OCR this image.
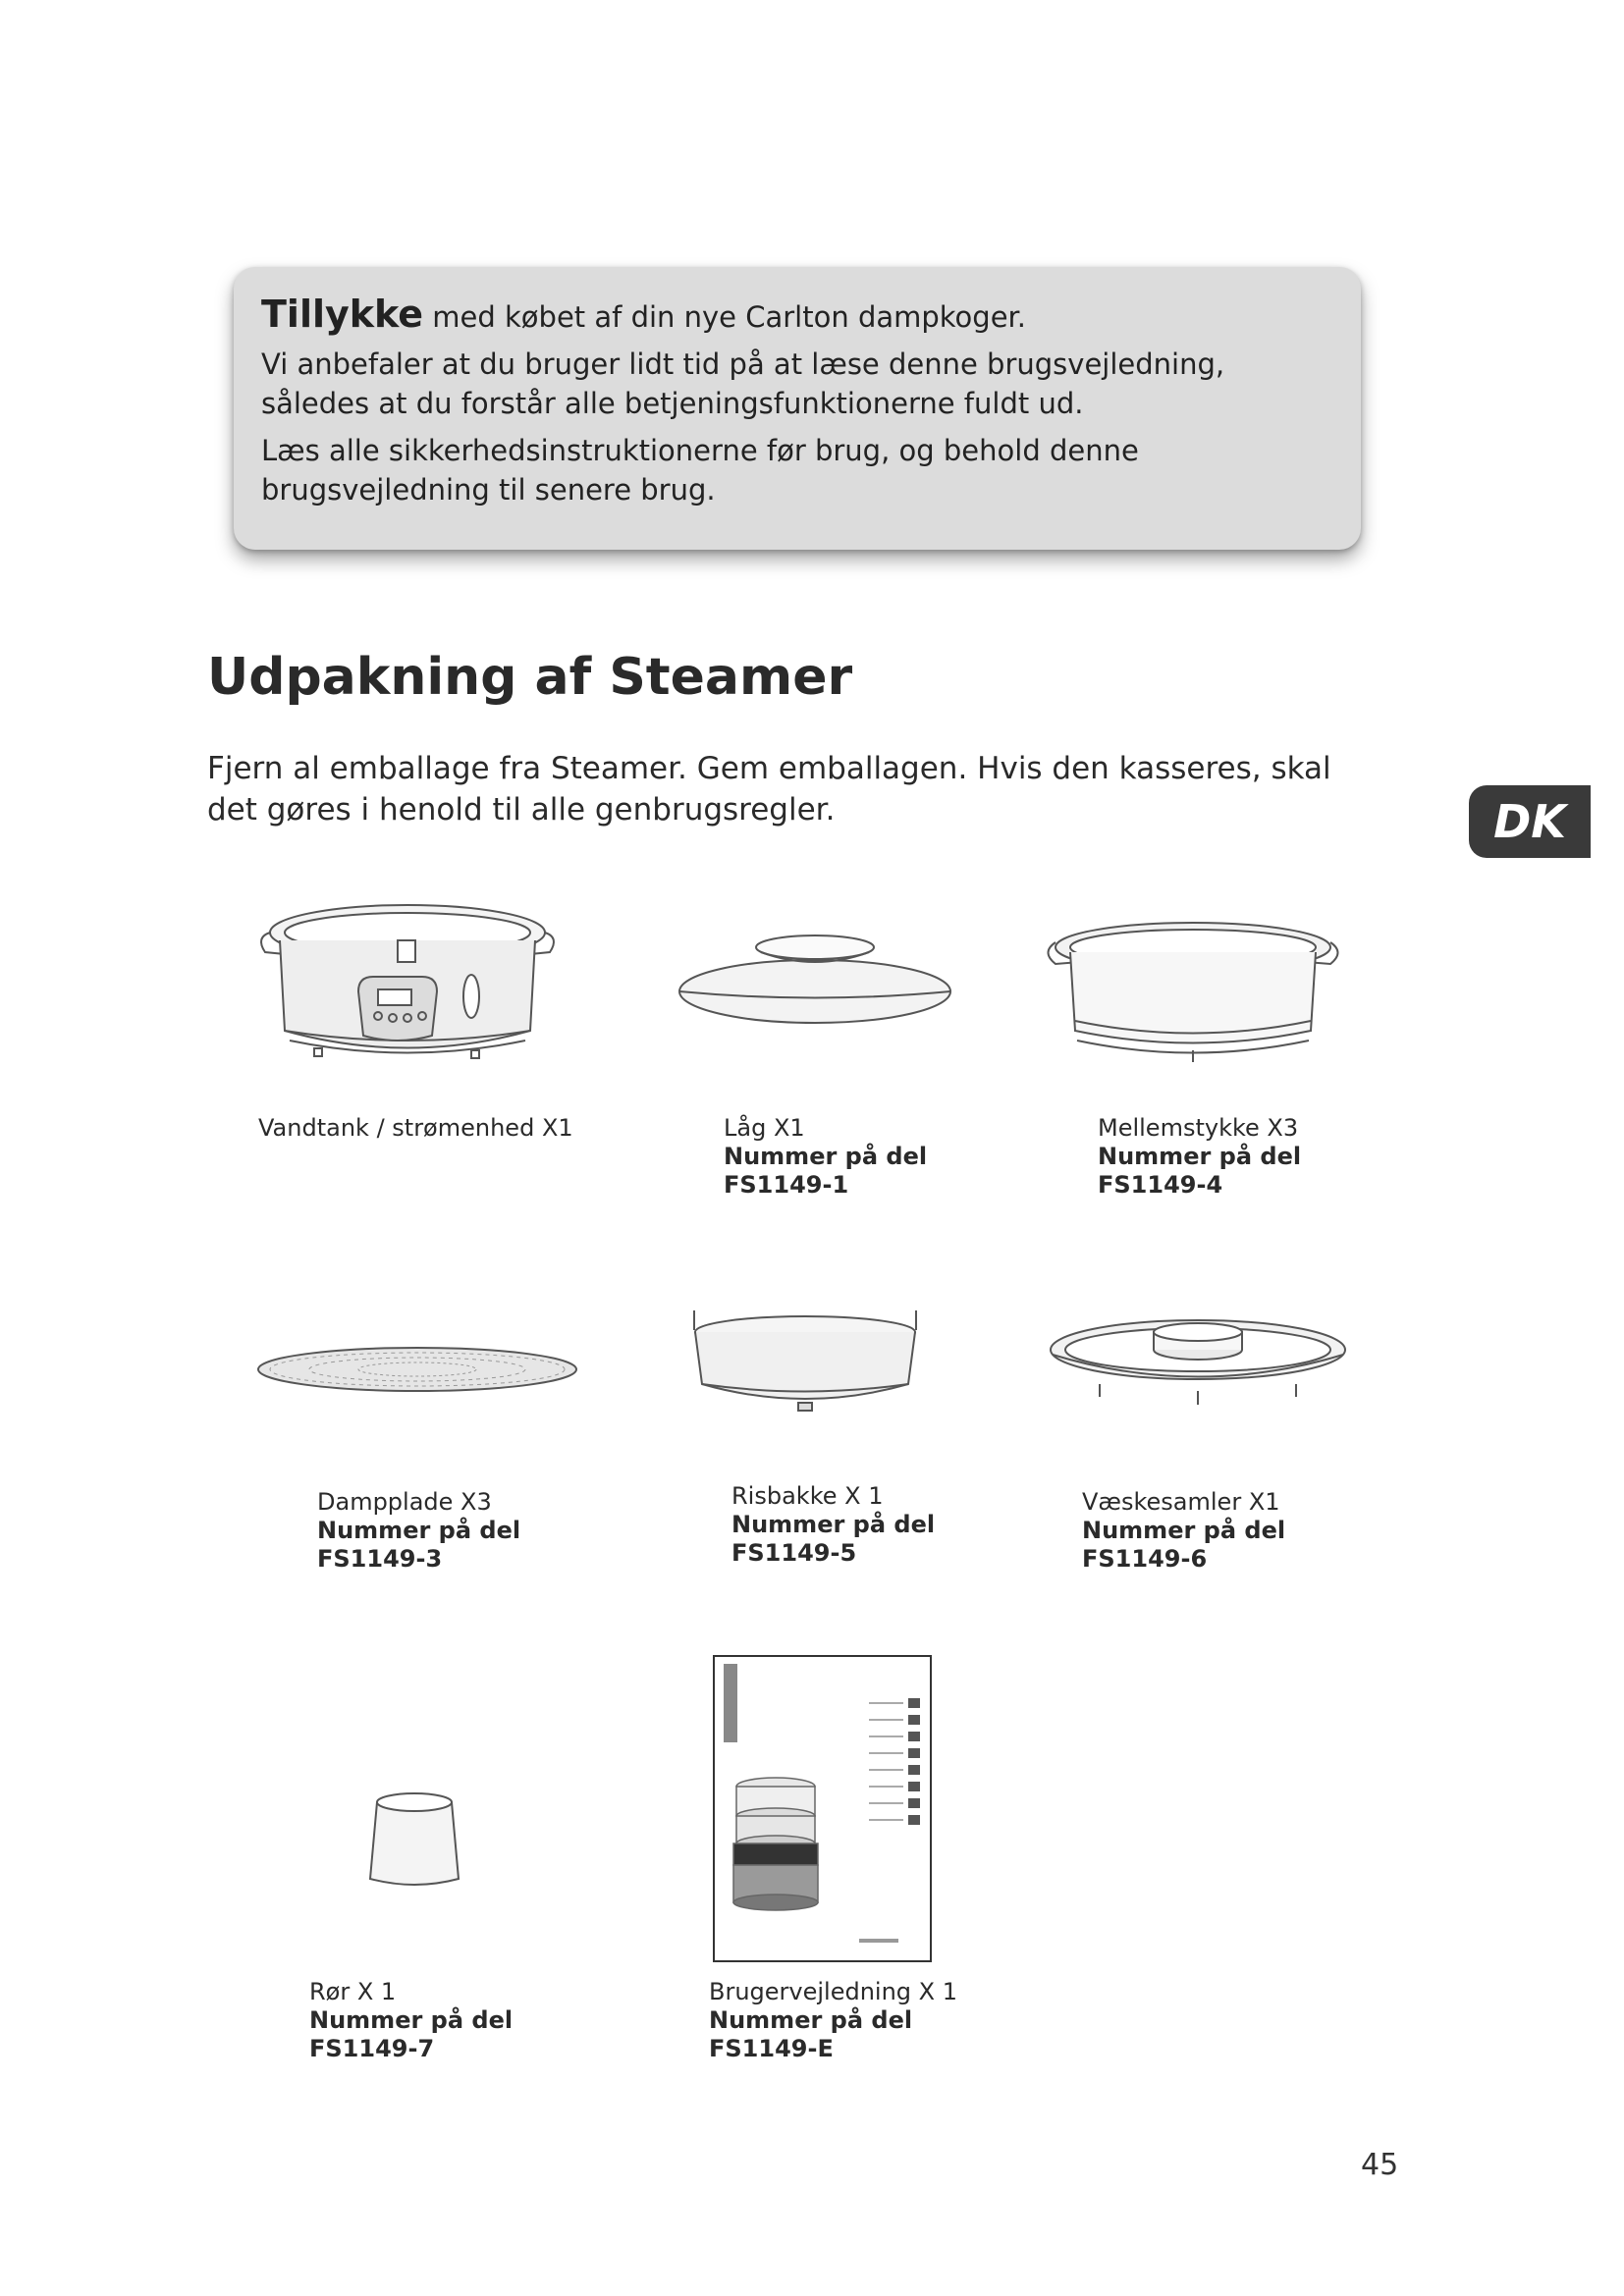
Tillykke med købet af din nye Carlton dampkoger.

Vi anbefaler at du bruger lidt tid på at læse denne brugsvejledning, således at du forstår alle betjeningsfunktionerne fuldt ud.

Læs alle sikkerhedsinstruktionerne før brug, og behold denne brugsvejledning til senere brug.

Udpakning af Steamer

Fjern al emballage fra Steamer. Gem emballagen. Hvis den kasseres, skal det gøres i henold til alle genbrugsregler.	DK
Vandtank / strømenhed X1	Låg X1
Nummer på del
FS1149-1
Mellemstykke X3
Nummer på del
FS1149-4
Dampplade X3
Nummer på del
FS1149-3
Risbakke X 1
Nummer på del
FS1149-5
Væskesamler X1
Nummer på del
FS1149-6
Rør X 1
Nummer på del
FS1149-7
Brugervejledning X 1
Nummer på del
FS1149-E
45
